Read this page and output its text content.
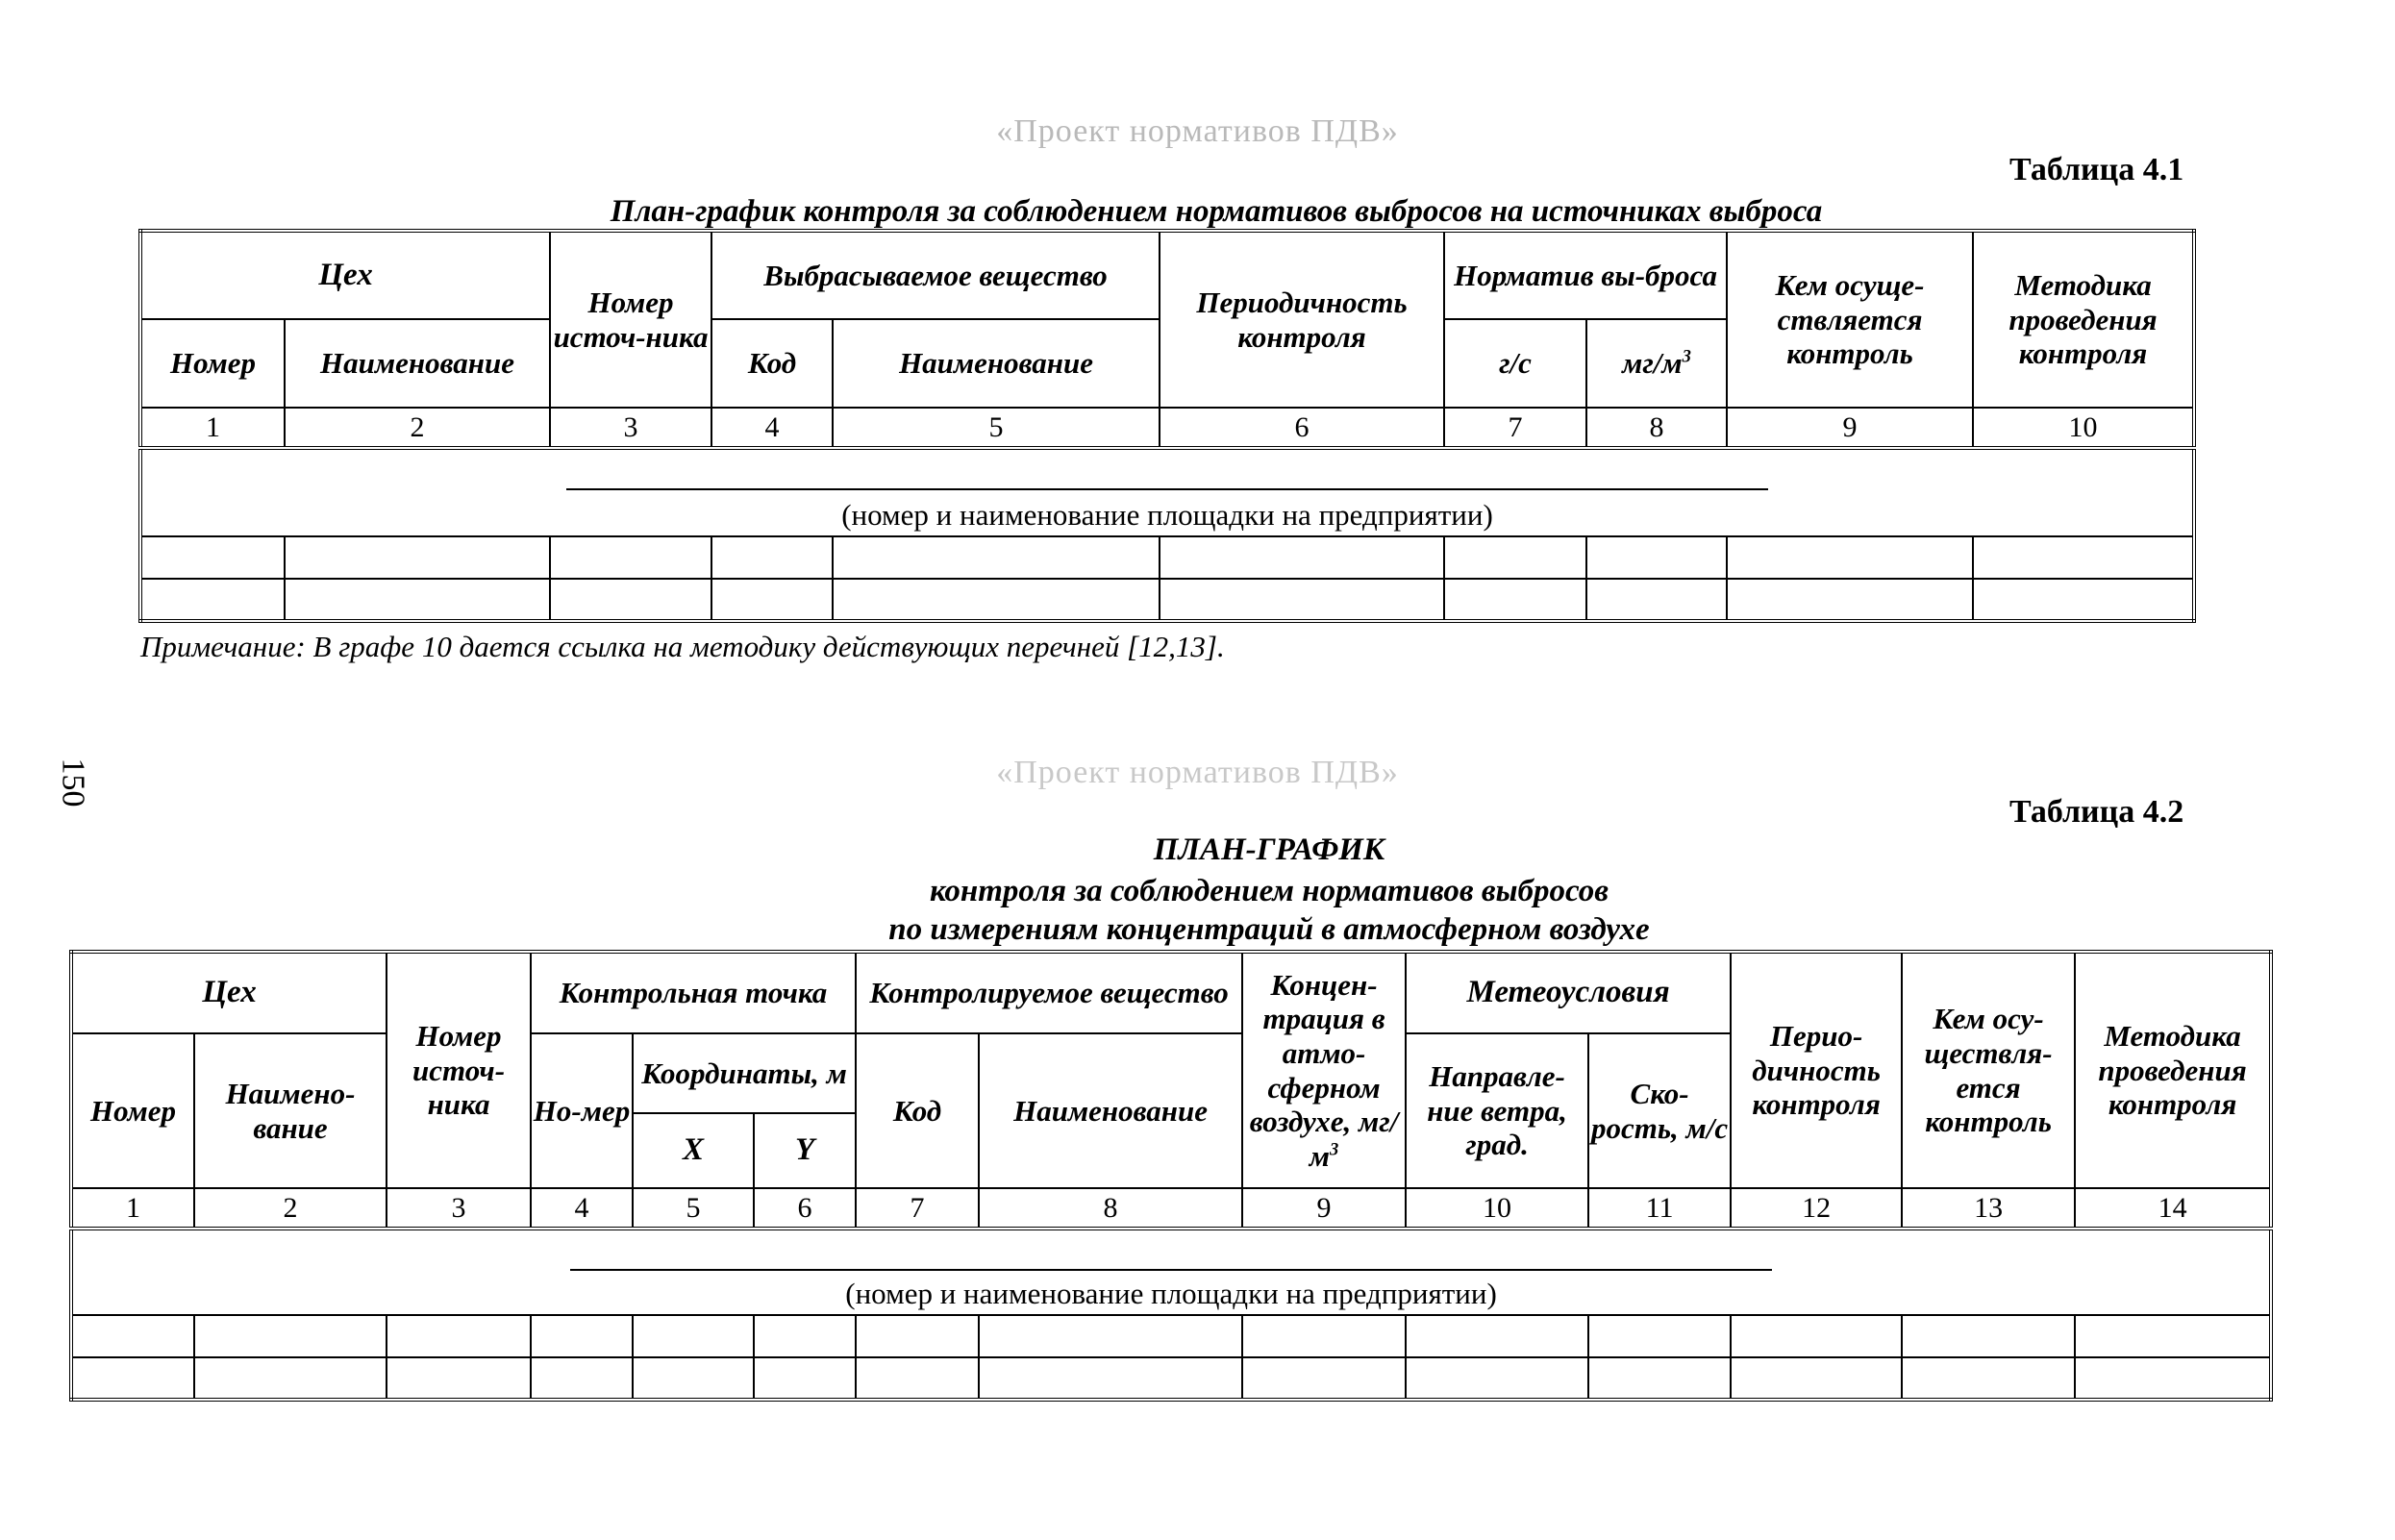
«Проект нормативов ПДВ»
Таблица 4.1
План-график контроля за соблюдением нормативов выбросов на источниках выброса
Цех		Номер источ-ника	Выбрасываемое вещество		Периодичность контроля	Норматив вы-броса		Кем осуще-ствляется контроль	Методика проведения контроля
Номер	Наименование		Код	Наименование		г/с	$мг/м^3$
1	2	3	4	5	6	7	8	9	10

(номер и наименование площадки на предприятии)									

Примечание: В графе 10 дается ссылка на методику действующих перечней [12,13].
150	«Проект нормативов ПДВ»
Таблица 4.2
ПЛАН-ГРАФИК
контроля за соблюдением нормативов выбросов
по измерениям концентраций в атмосферном воздухе
Цех		Номер источ-ника	Контрольная точка			Контролируемое вещество		Концен-трация в атмо-сферном воздухе, $мг/м^3$	Метеоусловия		Перио-дичность контроля	Кем осу-ществля-ется контроль	Методика проведения контроля
Номер	Наимено-вание		Но-мер	Координаты, м		Код	Наименование		Направле-ние ветра, град.	Ско-рость, м/с			
				X	Y								
1	2	3	4	5	6	7	8	9	10	11	12	13	14

(номер и наименование площадки на предприятии)													
